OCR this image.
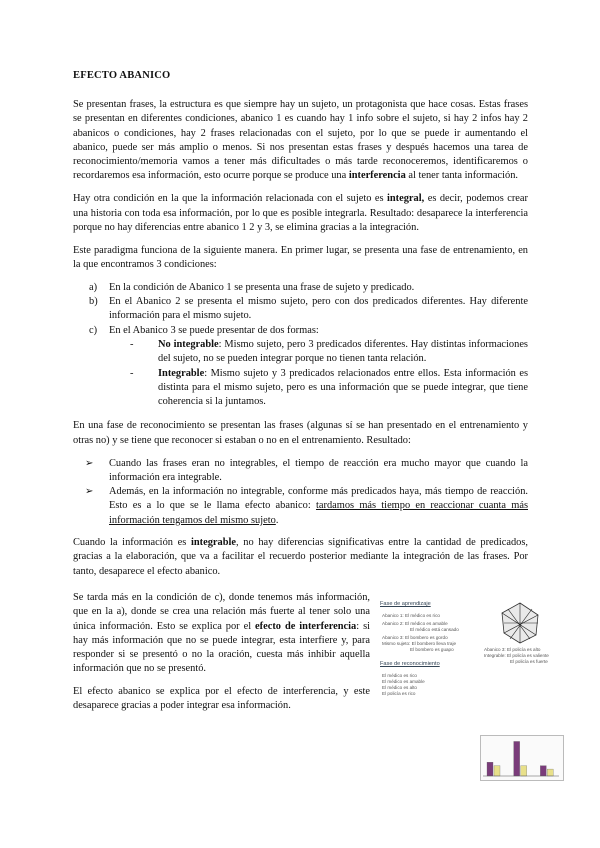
EFECTO ABANICO

Se presentan frases, la estructura es que siempre hay un sujeto, un protagonista que hace cosas. Estas frases se presentan en diferentes condiciones, abanico 1 es cuando hay 1 info sobre el sujeto, si hay 2 infos hay 2 abanicos o condiciones, hay 2 frases relacionadas con el sujeto, por lo que se puede ir aumentando el abanico, puede ser más amplio o menos. Si nos presentan estas frases y después hacemos una tarea de reconocimiento/memoria vamos a tener más dificultades o más tarde reconoceremos, identificaremos o recordaremos esa información, esto ocurre porque se produce una interferencia al tener tanta información.

Hay otra condición en la que la información relacionada con el sujeto es integral, es decir, podemos crear una historia con toda esa información, por lo que es posible integrarla. Resultado: desaparece la interferencia porque no hay diferencias entre abanico 1 2 y 3, se elimina gracias a la integración.

Este paradigma funciona de la siguiente manera. En primer lugar, se presenta una fase de entrenamiento, en la que encontramos 3 condiciones:

a) En la condición de Abanico 1 se presenta una frase de sujeto y predicado.
b) En el Abanico 2 se presenta el mismo sujeto, pero con dos predicados diferentes. Hay diferente información para el mismo sujeto.
c) En el Abanico 3 se puede presentar de dos formas:
- No integrable: Mismo sujeto, pero 3 predicados diferentes. Hay distintas informaciones del sujeto, no se pueden integrar porque no tienen tanta relación.
- Integrable: Mismo sujeto y 3 predicados relacionados entre ellos. Esta información es distinta para el mismo sujeto, pero es una información que se puede integrar, que tiene coherencia si la juntamos.

En una fase de reconocimiento se presentan las frases (algunas sí se han presentado en el entrenamiento y otras no) y se tiene que reconocer si estaban o no en el entrenamiento. Resultado:

➢ Cuando las frases eran no integrables, el tiempo de reacción era mucho mayor que cuando la información era integrable.
➢ Además, en la información no integrable, conforme más predicados haya, más tiempo de reacción. Esto es a lo que se le llama efecto abanico: tardamos más tiempo en reaccionar cuanta más información tengamos del mismo sujeto.

Cuando la información es integrable, no hay diferencias significativas entre la cantidad de predicados, gracias a la elaboración, que va a facilitar el recuerdo posterior mediante la integración de las frases. Por tanto, desaparece el efecto abanico.

Se tarda más en la condición de c), donde tenemos más información, que en la a), donde se crea una relación más fuerte al tener solo una única información. Esto se explica por el efecto de interferencia: si hay más información que no se puede integrar, esta interfiere y, para responder si se presentó o no la oración, cuesta más inhibir aquella información que no se presentó.

El efecto abanico se explica por el efecto de interferencia, y este desaparece gracias a poder integrar esa información.

Fase de aprendizaje
Abanico 1: El médico es rico
Abanico 2: El médico es amable
El médico está cansado
Abanico 3: El bombero es gordo
Mismo sujeto: El bombero lleva traje
El bombero es guapo	Abanico 3: El policía es alto
Integrable: El policía es valiente
El policía es fuerte
Fase de reconocimiento
El médico es rico
El médico es amable
El médico es alto
El policía es rico
